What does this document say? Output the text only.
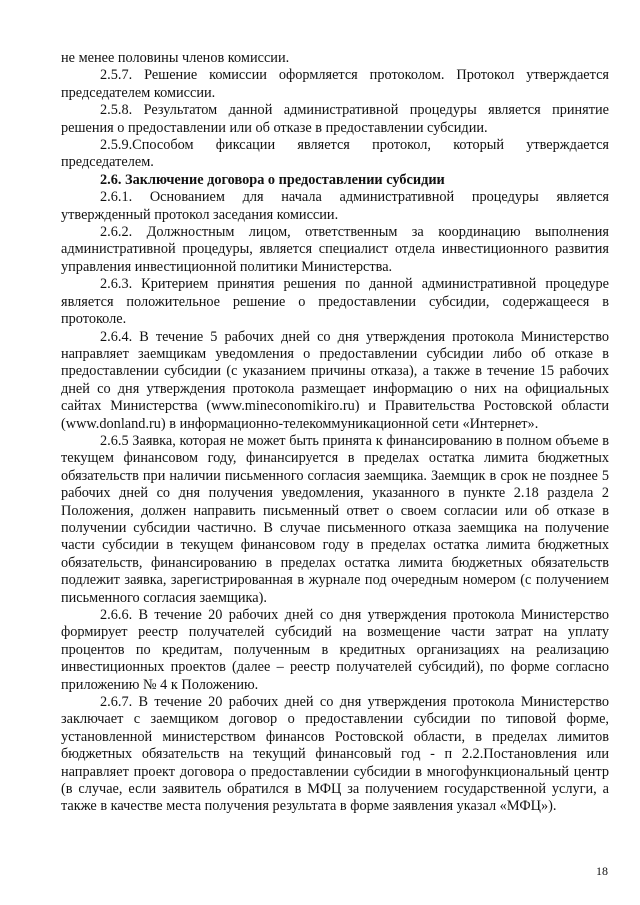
не менее половины членов комиссии.

2.5.7. Решение комиссии оформляется протоколом. Протокол утверждается председателем комиссии.

2.5.8. Результатом данной административной процедуры является принятие решения о предоставлении или об отказе в предоставлении субсидии.

2.5.9.Способом фиксации является протокол, который утверждается председателем.

2.6. Заключение договора о предоставлении субсидии

2.6.1. Основанием для начала административной процедуры является утвержденный протокол заседания комиссии.

2.6.2. Должностным лицом, ответственным за координацию выполнения административной процедуры, является специалист отдела инвестиционного развития управления инвестиционной политики Министерства.

2.6.3. Критерием принятия решения по данной административной процедуре является положительное решение о предоставлении субсидии, содержащееся в протоколе.

2.6.4. В течение 5 рабочих дней со дня утверждения протокола Министерство направляет заемщикам уведомления о предоставлении субсидии либо об отказе в предоставлении субсидии (с указанием причины отказа), а также в течение 15 рабочих дней со дня утверждения протокола размещает информацию о них на официальных сайтах Министерства (www.mineconomikiro.ru) и Правительства Ростовской области (www.donland.ru) в информационно-телекоммуникационной сети «Интернет».

2.6.5 Заявка, которая не может быть принята к финансированию в полном объеме в текущем финансовом году, финансируется в пределах остатка лимита бюджетных обязательств при наличии письменного согласия заемщика. Заемщик в срок не позднее 5 рабочих дней со дня получения уведомления, указанного в пункте 2.18 раздела 2 Положения, должен направить письменный ответ о своем согласии или об отказе в получении субсидии частично. В случае письменного отказа заемщика на получение части субсидии в текущем финансовом году в пределах остатка лимита бюджетных обязательств, финансированию в пределах остатка лимита бюджетных обязательств подлежит заявка, зарегистрированная в журнале под очередным номером (с получением письменного согласия заемщика).

2.6.6. В течение 20 рабочих дней со дня утверждения протокола Министерство формирует реестр получателей субсидий на возмещение части затрат на уплату процентов по кредитам, полученным в кредитных организациях на реализацию инвестиционных проектов (далее – реестр получателей субсидий), по форме согласно приложению № 4 к Положению.

2.6.7. В течение 20 рабочих дней со дня утверждения протокола Министерство заключает с заемщиком договор о предоставлении субсидии по типовой форме, установленной министерством финансов Ростовской области, в пределах лимитов бюджетных обязательств на текущий финансовый год - п 2.2.Постановления или направляет проект договора о предоставлении субсидии в многофункциональный центр (в случае, если заявитель обратился в МФЦ за получением государственной услуги, а также в качестве места получения результата в форме заявления указал «МФЦ»).

18
